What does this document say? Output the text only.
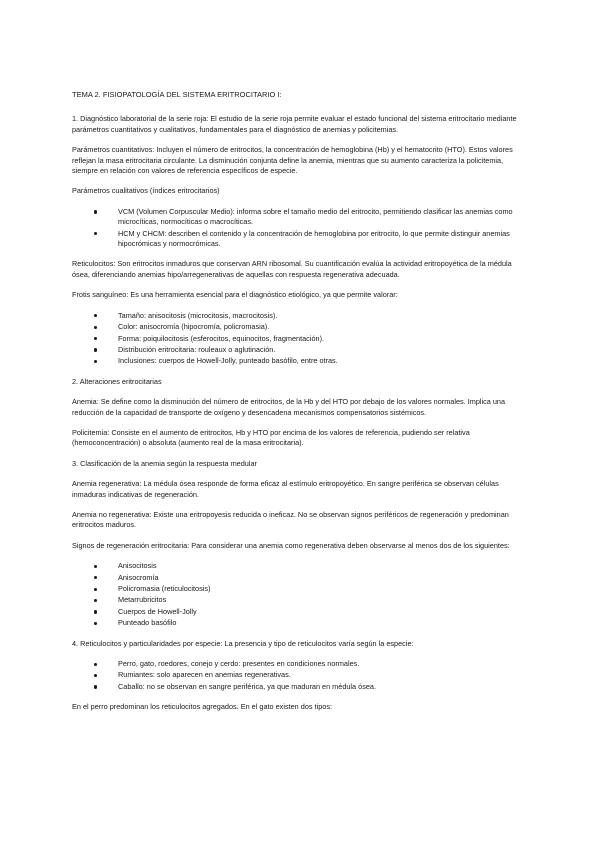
TEMA 2. FISIOPATOLOGÍA DEL SISTEMA ERITROCITARIO I:

1. Diagnóstico laboratorial de la serie roja: El estudio de la serie roja permite evaluar el estado funcional del sistema eritrocitario mediante parámetros cuantitativos y cualitativos, fundamentales para el diagnóstico de anemias y policitemias.

Parámetros cuantitativos: Incluyen el número de eritrocitos, la concentración de hemoglobina (Hb) y el hematocrito (HTO). Estos valores reflejan la masa eritrocitaria circulante. La disminución conjunta define la anemia, mientras que su aumento caracteriza la policitemia, siempre en relación con valores de referencia específicos de especie.

Parámetros cualitativos (índices eritrocitarios)

VCM (Volumen Corpuscular Medio): informa sobre el tamaño medio del eritrocito, permitiendo clasificar las anemias como microcíticas, normocíticas o macrocíticas.
HCM y CHCM: describen el contenido y la concentración de hemoglobina por eritrocito, lo que permite distinguir anemias hipocrómicas y normocrómicas.

Reticulocitos: Son eritrocitos inmaduros que conservan ARN ribosomal. Su cuantificación evalúa la actividad eritropoyética de la médula ósea, diferenciando anemias hipo/arregenerativas de aquellas con respuesta regenerativa adecuada.

Frotis sanguíneo: Es una herramienta esencial para el diagnóstico etiológico, ya que permite valorar:

Tamaño: anisocitosis (microcitosis, macrocitosis).
Color: anisocromía (hipocromía, policromasia).
Forma: poiquilocitosis (esferocitos, equinocitos, fragmentación).
Distribución eritrocitaria: rouleaux o aglutinación.
Inclusiones: cuerpos de Howell-Jolly, punteado basófilo, entre otras.

2. Alteraciones eritrocitarias

Anemia: Se define como la disminución del número de eritrocitos, de la Hb y del HTO por debajo de los valores normales. Implica una reducción de la capacidad de transporte de oxígeno y desencadena mecanismos compensatorios sistémicos.

Policitemia: Consiste en el aumento de eritrocitos, Hb y HTO por encima de los valores de referencia, pudiendo ser relativa (hemoconcentración) o absoluta (aumento real de la masa eritrocitaria).

3. Clasificación de la anemia según la respuesta medular

Anemia regenerativa: La médula ósea responde de forma eficaz al estímulo eritropoyético. En sangre periférica se observan células inmaduras indicativas de regeneración.

Anemia no regenerativa: Existe una eritropoyesis reducida o ineficaz. No se observan signos periféricos de regeneración y predominan eritrocitos maduros.

Signos de regeneración eritrocitaria: Para considerar una anemia como regenerativa deben observarse al menos dos de los siguientes:

Anisocitosis
Anisocromía
Policromasia (reticulocitosis)
Metarrubricitos
Cuerpos de Howell-Jolly
Punteado basófilo

4. Reticulocitos y particularidades por especie: La presencia y tipo de reticulocitos varía según la especie:

Perro, gato, roedores, conejo y cerdo: presentes en condiciones normales.
Rumiantes: solo aparecen en anemias regenerativas.
Caballo: no se observan en sangre periférica, ya que maduran en médula ósea.

En el perro predominan los reticulocitos agregados. En el gato existen dos tipos:
